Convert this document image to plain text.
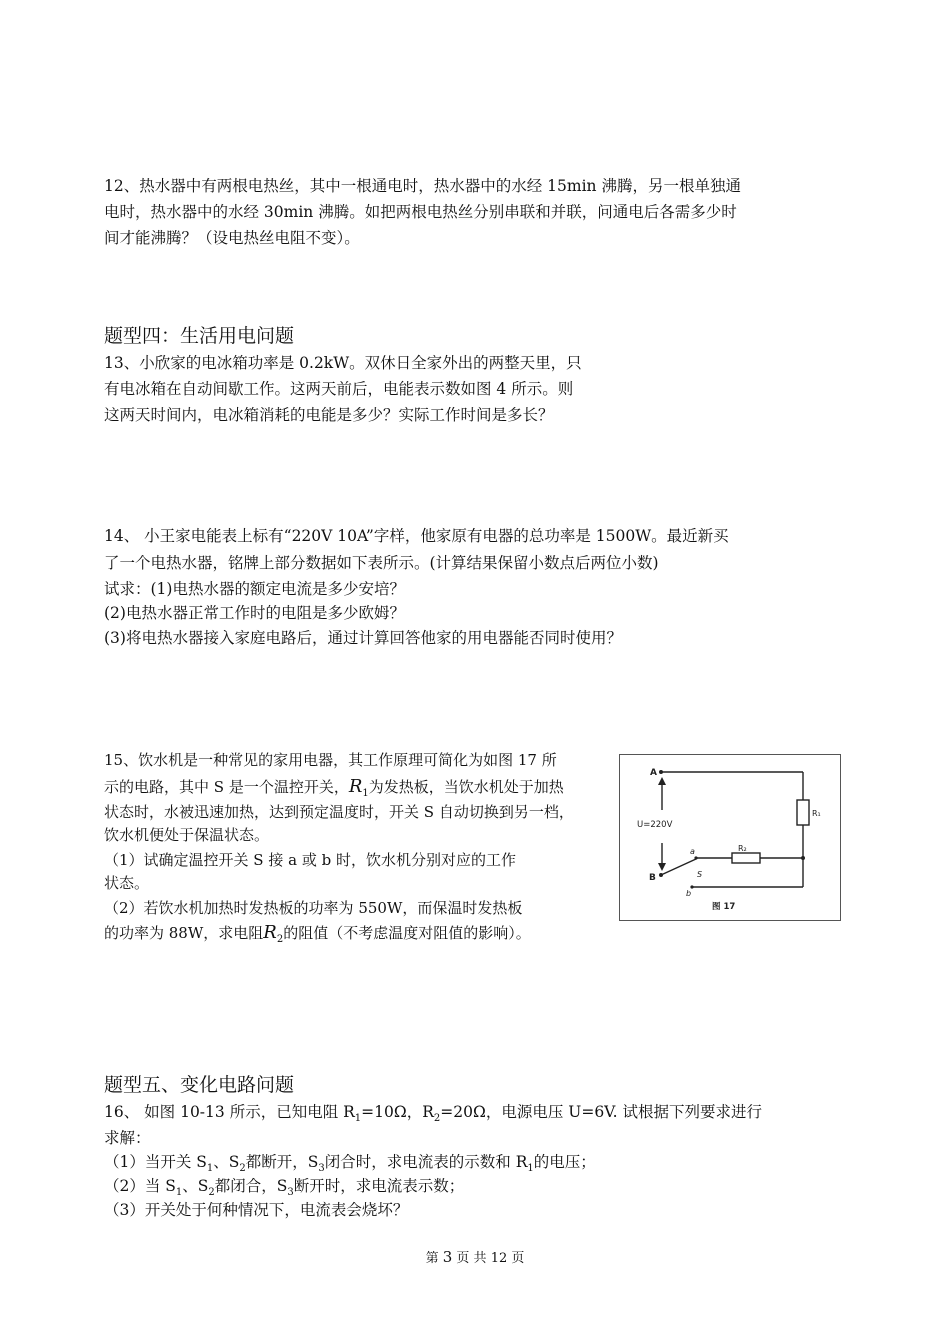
12、热水器中有两根电热丝，其中一根通电时，热水器中的水经 15min 沸腾，另一根单独通

电时，热水器中的水经 30min 沸腾。如把两根电热丝分别串联和并联，问通电后各需多少时

间才能沸腾？（设电热丝电阻不变）。

题型四：生活用电问题

13、小欣家的电冰箱功率是 0.2kW。双休日全家外出的两整天里，只

有电冰箱在自动间歇工作。这两天前后，电能表示数如图 4 所示。则

这两天时间内，电冰箱消耗的电能是多少？实际工作时间是多长？

14、 小王家电能表上标有“220V 10A”字样，他家原有电器的总功率是 1500W。最近新买

了一个电热水器，铭牌上部分数据如下表所示。(计算结果保留小数点后两位小数)

试求：(1)电热水器的额定电流是多少安培？

(2)电热水器正常工作时的电阻是多少欧姆？

(3)将电热水器接入家庭电路后，通过计算回答他家的用电器能否同时使用？

15、饮水机是一种常见的家用电器，其工作原理可简化为如图 17 所

示的电路，其中 S 是一个温控开关，$R_1$为发热板，当饮水机处于加热

状态时，水被迅速加热，达到预定温度时，开关 S 自动切换到另一档，

饮水机便处于保温状态。

（1）试确定温控开关 S 接 a 或 b 时，饮水机分别对应的工作

状态。

（2）若饮水机加热时发热板的功率为 550W，而保温时发热板

的功率为 88W，求电阻$R_2$的阻值（不考虑温度对阻值的影响）。

A
B
U=220V
R₁
R₂
a
b
S
图 17
题型五、变化电路问题

16、 如图 10-13 所示，已知电阻 $R_1=10\Omega$，$R_2=20\Omega$，电源电压 U=6V. 试根据下列要求进行

求解：

（1）当开关 $S_1$、$S_2$都断开，$S_3$闭合时，求电流表的示数和 $R_1$的电压；

（2）当 $S_1$、$S_2$都闭合，$S_3$断开时，求电流表示数；

（3）开关处于何种情况下，电流表会烧坏？

第 3 页 共 12 页
